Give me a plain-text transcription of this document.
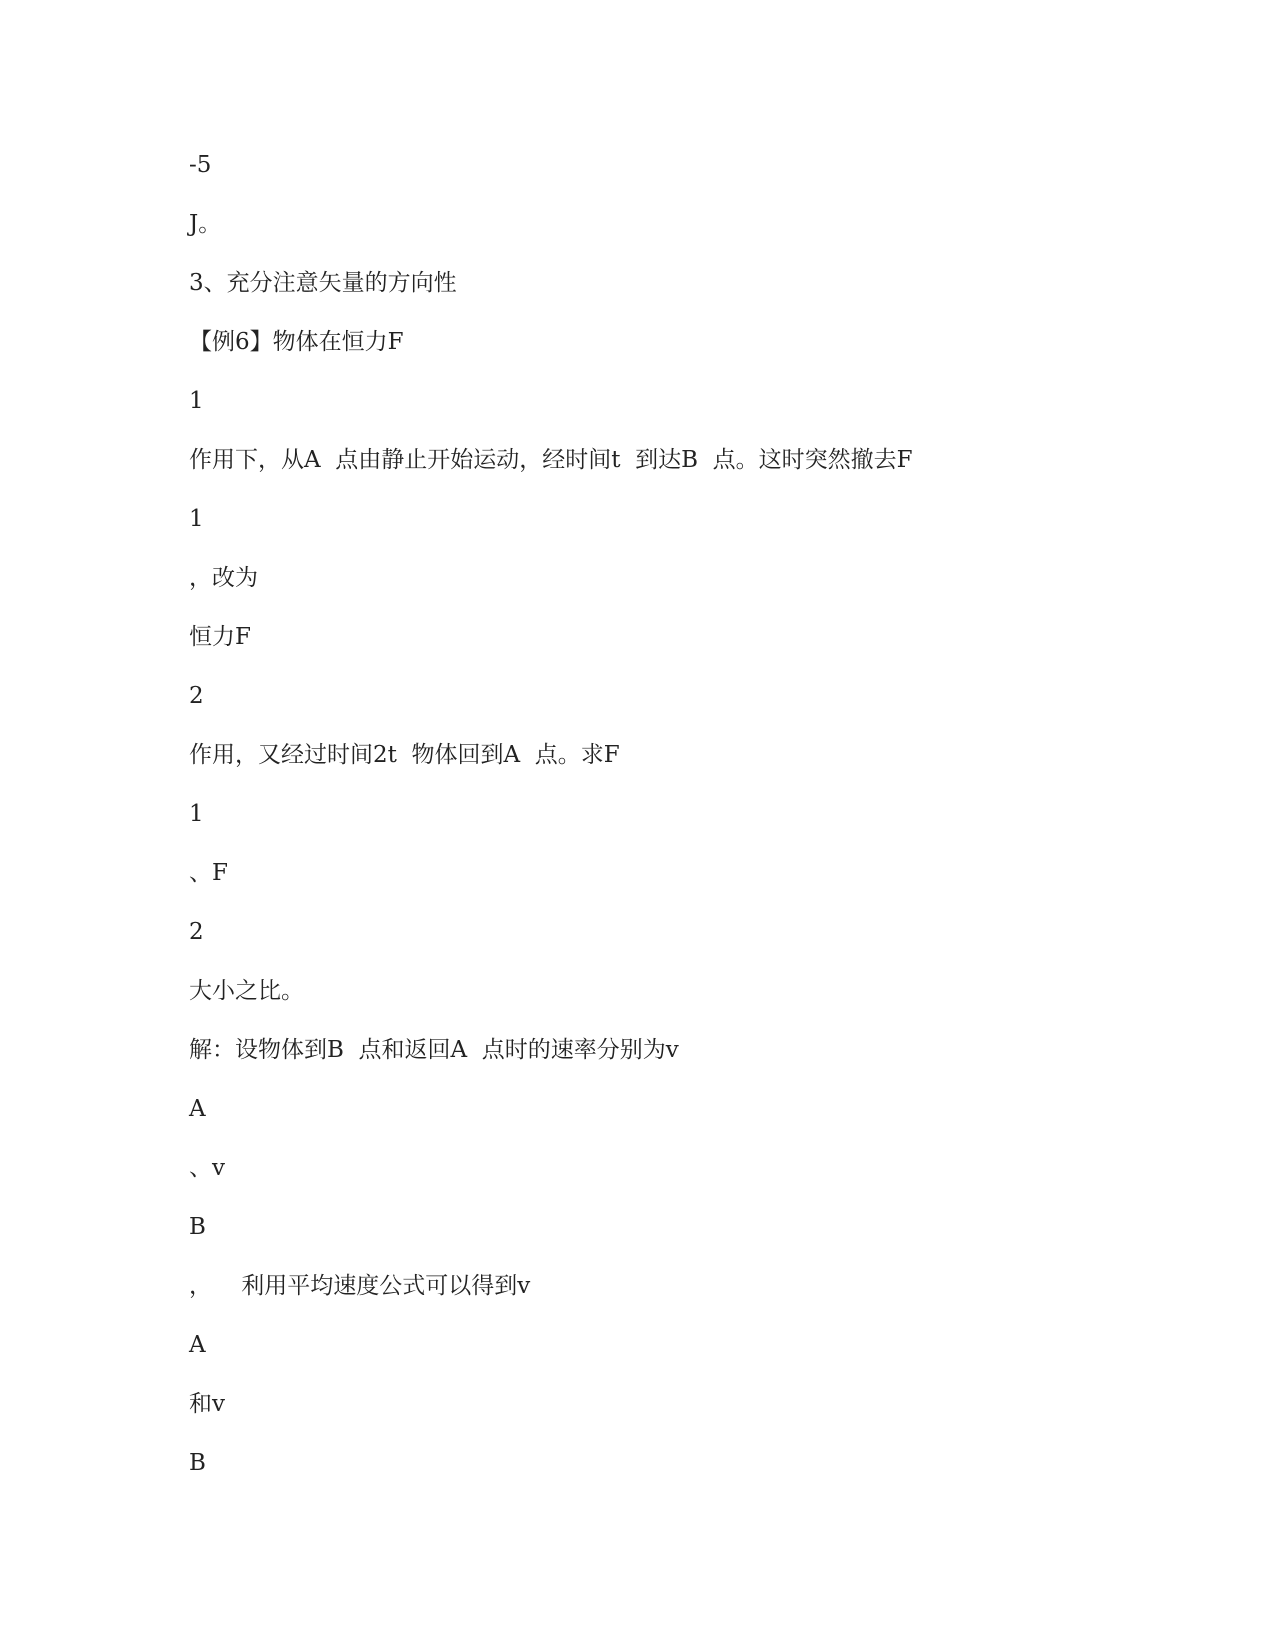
-5
J。
3、充分注意矢量的方向性
【例6】物体在恒力F
1
作用下，从A  点由静止开始运动，经时间t  到达B  点。这时突然撤去F
1
，改为
恒力F
2
作用，又经过时间2t  物体回到A  点。求F
1
、F
2
大小之比。
解：设物体到B  点和返回A  点时的速率分别为v
A
、v
B
，    利用平均速度公式可以得到v
A
和v
B
